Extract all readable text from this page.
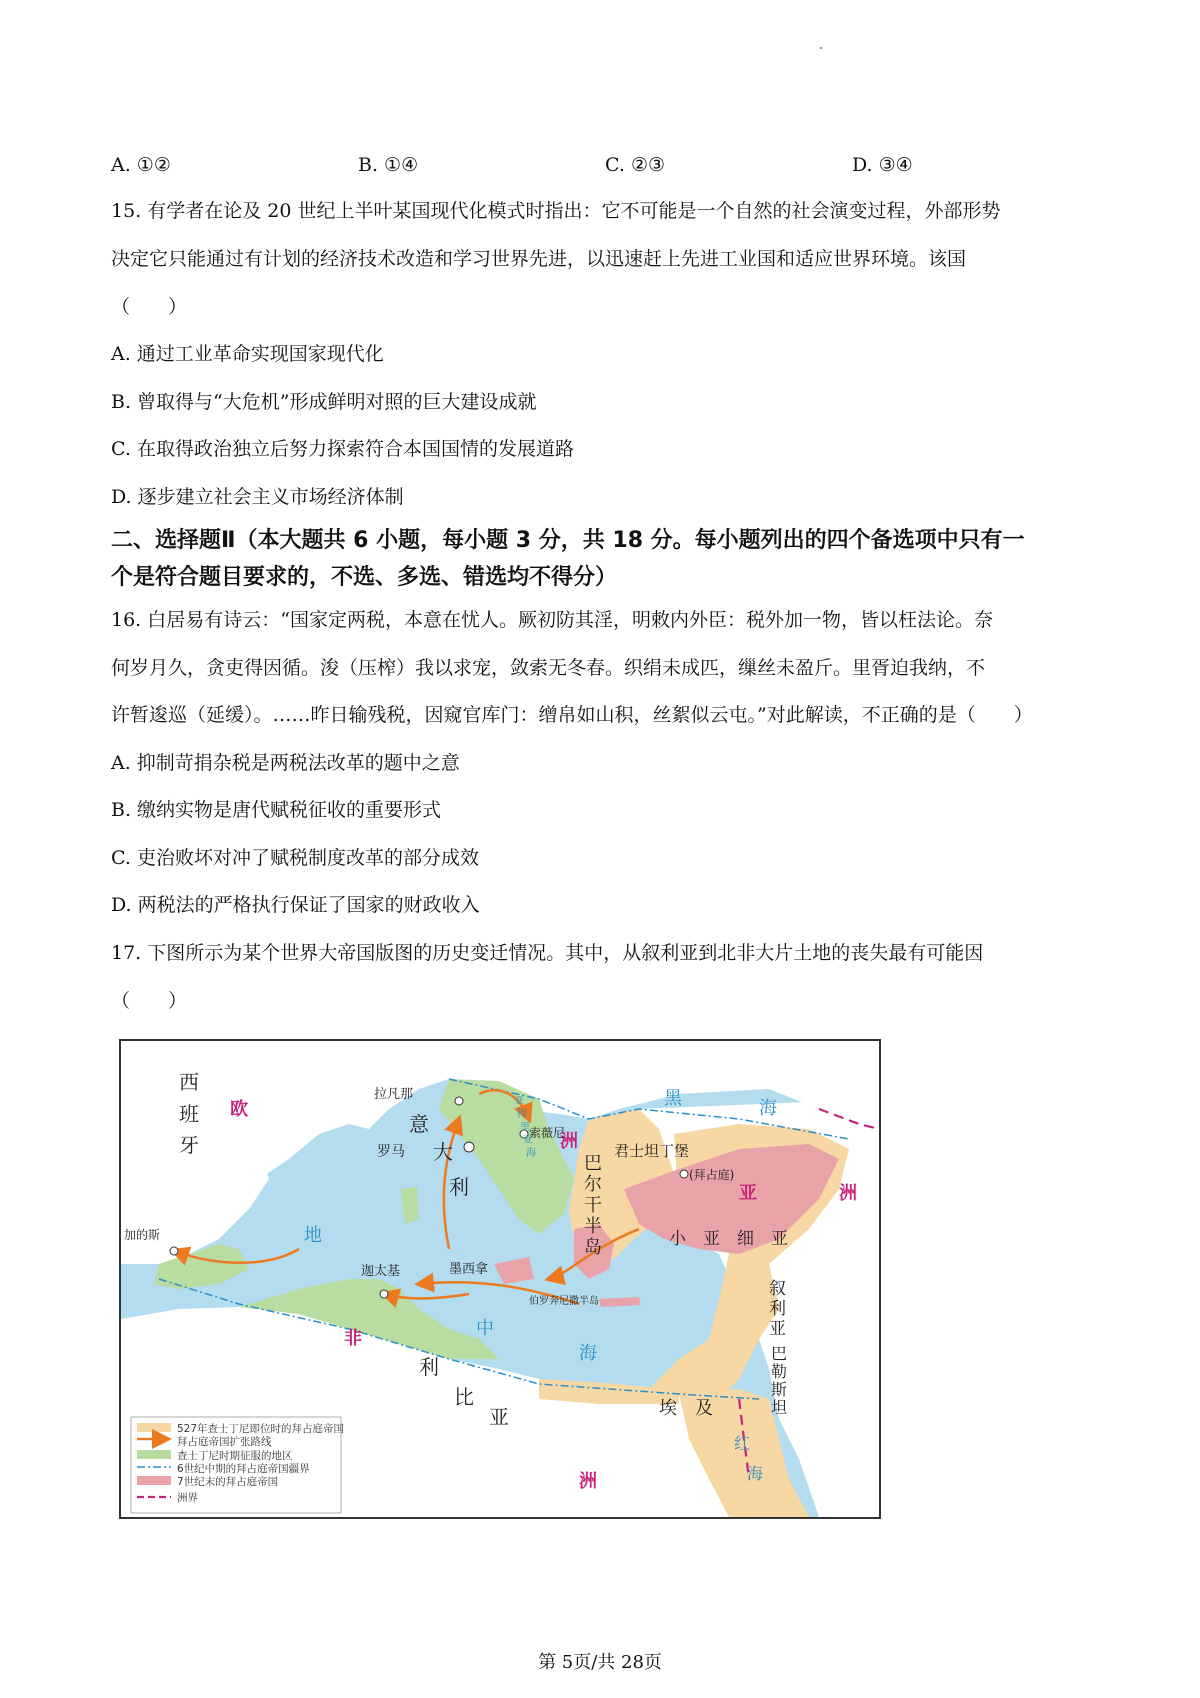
A. ①②	B. ①④	C. ②③	D. ③④
15. 有学者在论及 20 世纪上半叶某国现代化模式时指出：它不可能是一个自然的社会演变过程，外部形势
决定它只能通过有计划的经济技术改造和学习世界先进，以迅速赶上先进工业国和适应世界环境。该国
（　　）
A. 通过工业革命实现国家现代化
B. 曾取得与“大危机”形成鲜明对照的巨大建设成就
C. 在取得政治独立后努力探索符合本国国情的发展道路
D. 逐步建立社会主义市场经济体制
二、选择题Ⅱ（本大题共 6 小题，每小题 3 分，共 18 分。每小题列出的四个备选项中只有一
个是符合题目要求的，不选、多选、错选均不得分）
16. 白居易有诗云：“国家定两税，本意在忧人。厥初防其淫，明敕内外臣：税外加一物，皆以枉法论。奈
何岁月久，贪吏得因循。浚（压榨）我以求宠，敛索无冬春。织绢未成匹，缫丝未盈斤。里胥迫我纳，不
许暂逡巡（延缓）。……昨日输残税，因窥官库门：缯帛如山积，丝絮似云屯。”对此解读，不正确的是（　　）
A. 抑制苛捐杂税是两税法改革的题中之意
B. 缴纳实物是唐代赋税征收的重要形式
C. 吏治败坏对冲了赋税制度改革的部分成效
D. 两税法的严格执行保证了国家的财政收入
17. 下图所示为某个世界大帝国版图的历史变迁情况。其中，从叙利亚到北非大片土地的丧失最有可能因
（　　）
西
班
牙
欧
洲
加的斯
拉凡那
罗马
意
大
利
索薇尼
君士坦丁堡
(拜占庭)
巴
尔
干
半
岛
亚	洲
小　亚　细　亚
黑	海
叙
利
亚
巴
勒
斯
坦
迦太基	墨西拿
伯罗奔尼撒半岛
地
中
海
非
利
比
亚	埃　及
洲
红
海
亚
得
里
亚
海
527年查士丁尼即位时的拜占庭帝国
拜占庭帝国扩张路线
查士丁尼时期征服的地区
6世纪中期的拜占庭帝国疆界
7世纪末的拜占庭帝国
洲界
第 5页/共 28页
